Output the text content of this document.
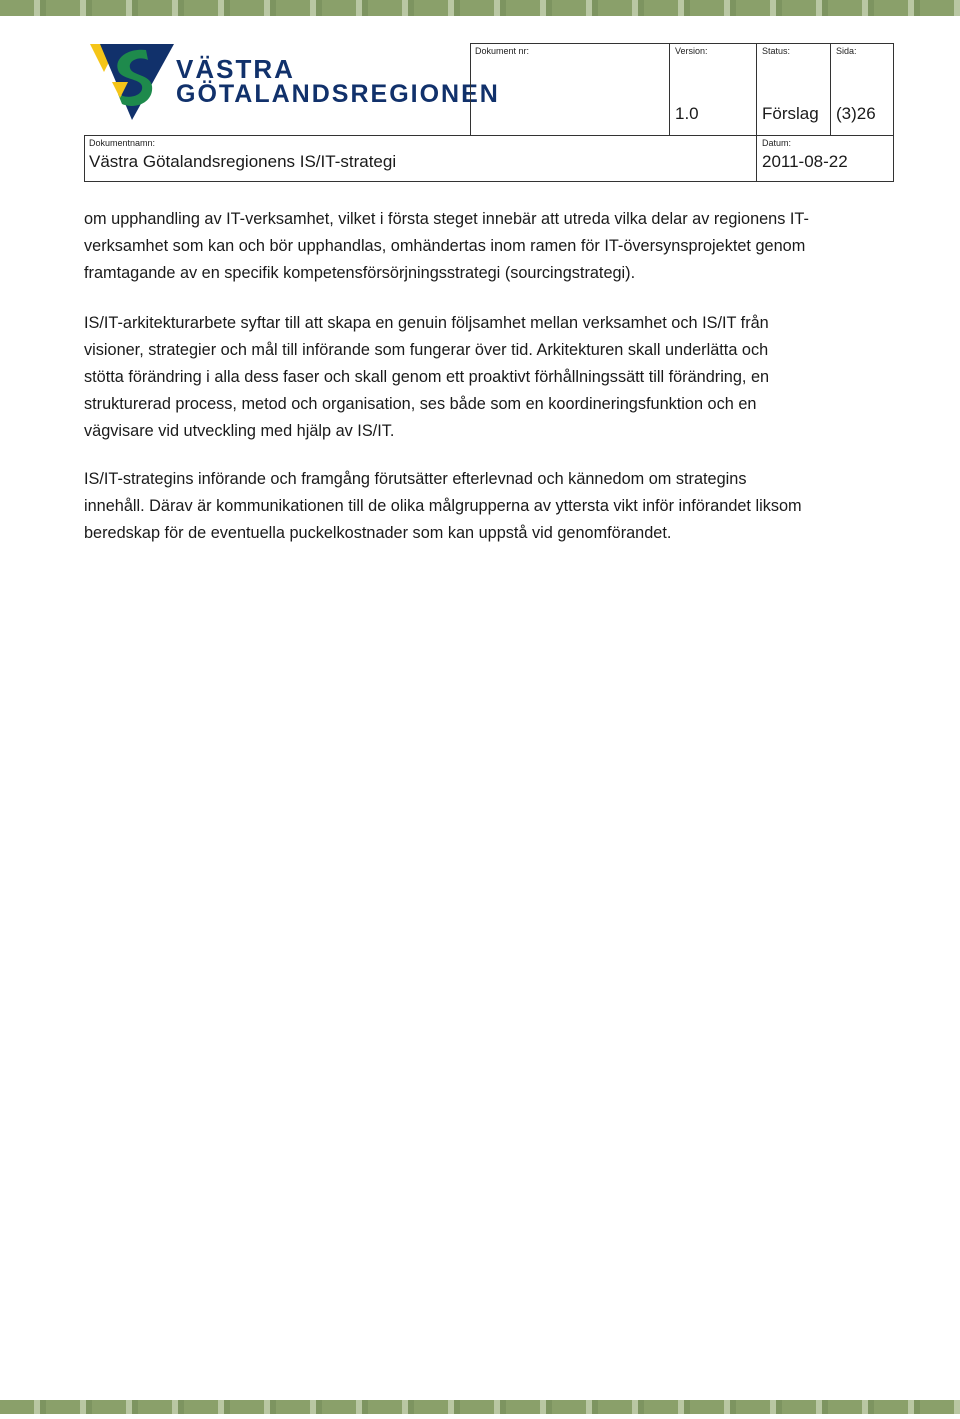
VÄSTRA
GÖTALANDSREGIONEN
Dokument nr:	Version:
1.0
Status:
Förslag
Sida:
(3)26
Dokumentnamn:
Västra Götalandsregionens IS/IT-strategi
Datum:
2011-08-22
om upphandling av IT-verksamhet, vilket i första steget innebär att utreda vilka delar av regionens IT-
verksamhet som kan och bör upphandlas, omhändertas inom ramen för IT-översynsprojektet genom
framtagande av en specifik kompetensförsörjningsstrategi (sourcingstrategi).
IS/IT-arkitekturarbete syftar till att skapa en genuin följsamhet mellan verksamhet och IS/IT från
visioner, strategier och mål till införande som fungerar över tid. Arkitekturen skall underlätta och
stötta förändring i alla dess faser och skall genom ett proaktivt förhållningssätt till förändring, en
strukturerad process, metod och organisation, ses både som en koordineringsfunktion och en
vägvisare vid utveckling med hjälp av IS/IT.
IS/IT-strategins införande och framgång förutsätter efterlevnad och kännedom om strategins
innehåll. Därav är kommunikationen till de olika målgrupperna av yttersta vikt inför införandet liksom
beredskap för de eventuella puckelkostnader som kan uppstå vid genomförandet.
